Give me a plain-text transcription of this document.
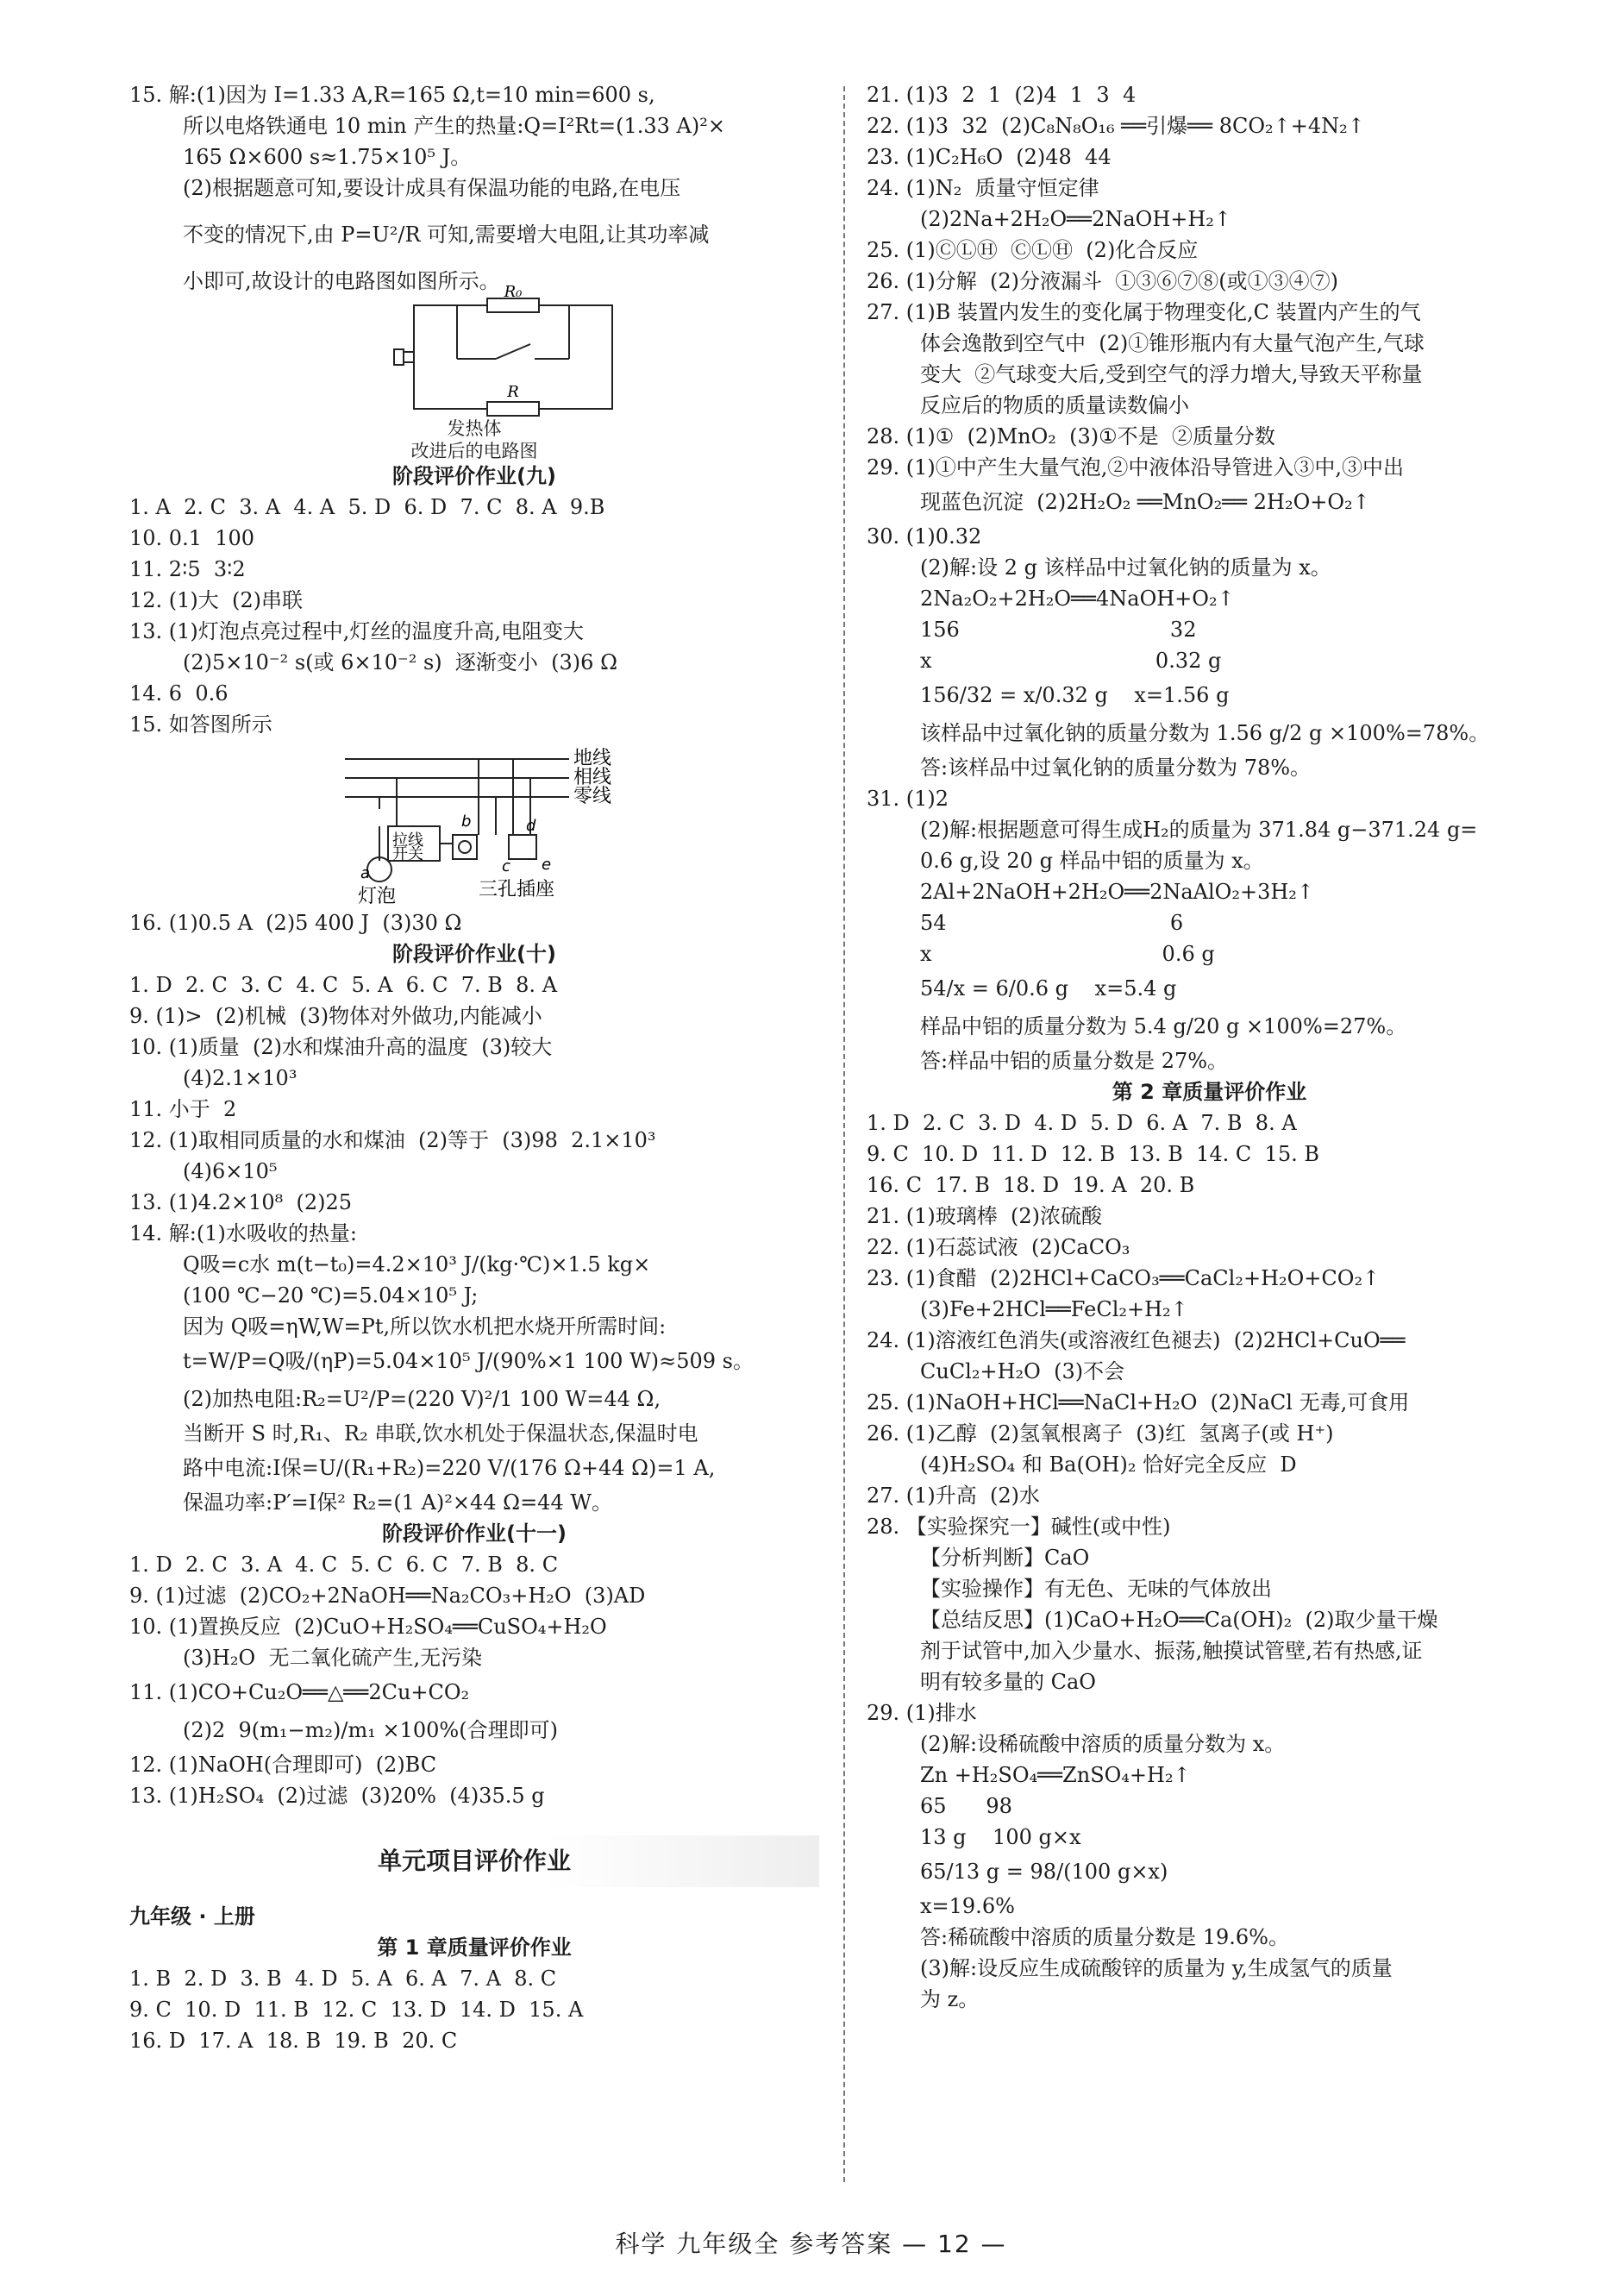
15. 解:(1)因为 I=1.33 A,R=165 Ω,t=10 min=600 s,
所以电烙铁通电 10 min 产生的热量:Q=I²Rt=(1.33 A)²×
165 Ω×600 s≈1.75×10⁵ J。
(2)根据题意可知,要设计成具有保温功能的电路,在电压
不变的情况下,由 P=U²/R 可知,需要增大电阻,让其功率减
小即可,故设计的电路图如图所示。 R₀
R
发热体
改进后的电路图
阶段评价作业(九)
1. A  2. C  3. A  4. A  5. D  6. D  7. C  8. A  9.B
10. 0.1  100
11. 2∶5  3∶2
12. (1)大  (2)串联
13. (1)灯泡点亮过程中,灯丝的温度升高,电阻变大
(2)5×10⁻² s(或 6×10⁻² s)  逐渐变小  (3)6 Ω
14. 6  0.6
15. 如答图所示
地线
相线
零线
a
b
c
d
e
拉线
开关
灯泡	三孔插座
16. (1)0.5 A  (2)5 400 J  (3)30 Ω
阶段评价作业(十)
1. D  2. C  3. C  4. C  5. A  6. C  7. B  8. A
9. (1)>  (2)机械  (3)物体对外做功,内能减小
10. (1)质量  (2)水和煤油升高的温度  (3)较大
(4)2.1×10³
11. 小于  2
12. (1)取相同质量的水和煤油  (2)等于  (3)98  2.1×10³
(4)6×10⁵
13. (1)4.2×10⁸  (2)25
14. 解:(1)水吸收的热量:
Q吸=c水 m(t−t₀)=4.2×10³ J/(kg·℃)×1.5 kg×
(100 ℃−20 ℃)=5.04×10⁵ J;
因为 Q吸=ηW,W=Pt,所以饮水机把水烧开所需时间:
t=W/P=Q吸/(ηP)=5.04×10⁵ J/(90%×1 100 W)≈509 s。
(2)加热电阻:R₂=U²/P=(220 V)²/1 100 W=44 Ω,
当断开 S 时,R₁、R₂ 串联,饮水机处于保温状态,保温时电
路中电流:I保=U/(R₁+R₂)=220 V/(176 Ω+44 Ω)=1 A,
保温功率:P′=I保² R₂=(1 A)²×44 Ω=44 W。
阶段评价作业(十一)
1. D  2. C  3. A  4. C  5. C  6. C  7. B  8. C
9. (1)过滤  (2)CO₂+2NaOH══Na₂CO₃+H₂O  (3)AD
10. (1)置换反应  (2)CuO+H₂SO₄══CuSO₄+H₂O
(3)H₂O  无二氧化硫产生,无污染
11. (1)CO+Cu₂O══△══2Cu+CO₂
(2)2  9(m₁−m₂)/m₁ ×100%(合理即可)
12. (1)NaOH(合理即可)  (2)BC
13. (1)H₂SO₄  (2)过滤  (3)20%  (4)35.5 g
单元项目评价作业
九年级 · 上册
第 1 章质量评价作业
1. B  2. D  3. B  4. D  5. A  6. A  7. A  8. C
9. C  10. D  11. B  12. C  13. D  14. D  15. A
16. D  17. A  18. B  19. B  20. C
21. (1)3  2  1  (2)4  1  3  4
22. (1)3  32  (2)C₈N₈O₁₆ ══引爆══ 8CO₂↑+4N₂↑
23. (1)C₂H₆O  (2)48  44
24. (1)N₂  质量守恒定律
(2)2Na+2H₂O══2NaOH+H₂↑
25. (1)ⒸⓁⒽ  ⒸⓁⒽ  (2)化合反应
26. (1)分解  (2)分液漏斗  ①③⑥⑦⑧(或①③④⑦)
27. (1)B 装置内发生的变化属于物理变化,C 装置内产生的气
体会逸散到空气中  (2)①锥形瓶内有大量气泡产生,气球
变大  ②气球变大后,受到空气的浮力增大,导致天平称量
反应后的物质的质量读数偏小
28. (1)①  (2)MnO₂  (3)①不是  ②质量分数
29. (1)①中产生大量气泡,②中液体沿导管进入③中,③中出
现蓝色沉淀  (2)2H₂O₂ ══MnO₂══ 2H₂O+O₂↑
30. (1)0.32
(2)解:设 2 g 该样品中过氧化钠的质量为 x。
2Na₂O₂+2H₂O══4NaOH+O₂↑
156                                32
x                                  0.32 g
156/32 = x/0.32 g    x=1.56 g
该样品中过氧化钠的质量分数为 1.56 g/2 g ×100%=78%。
答:该样品中过氧化钠的质量分数为 78%。
31. (1)2
(2)解:根据题意可得生成H₂的质量为 371.84 g−371.24 g=
0.6 g,设 20 g 样品中铝的质量为 x。
2Al+2NaOH+2H₂O══2NaAlO₂+3H₂↑
54                                  6
x                                   0.6 g
54/x = 6/0.6 g    x=5.4 g
样品中铝的质量分数为 5.4 g/20 g ×100%=27%。
答:样品中铝的质量分数是 27%。
第 2 章质量评价作业
1. D  2. C  3. D  4. D  5. D  6. A  7. B  8. A
9. C  10. D  11. D  12. B  13. B  14. C  15. B
16. C  17. B  18. D  19. A  20. B
21. (1)玻璃棒  (2)浓硫酸
22. (1)石蕊试液  (2)CaCO₃
23. (1)食醋  (2)2HCl+CaCO₃══CaCl₂+H₂O+CO₂↑
(3)Fe+2HCl══FeCl₂+H₂↑
24. (1)溶液红色消失(或溶液红色褪去)  (2)2HCl+CuO══
CuCl₂+H₂O  (3)不会
25. (1)NaOH+HCl══NaCl+H₂O  (2)NaCl 无毒,可食用
26. (1)乙醇  (2)氢氧根离子  (3)红  氢离子(或 H⁺)
(4)H₂SO₄ 和 Ba(OH)₂ 恰好完全反应  D
27. (1)升高  (2)水
28. 【实验探究一】碱性(或中性)
【分析判断】CaO
【实验操作】有无色、无味的气体放出
【总结反思】(1)CaO+H₂O══Ca(OH)₂  (2)取少量干燥
剂于试管中,加入少量水、振荡,触摸试管壁,若有热感,证
明有较多量的 CaO
29. (1)排水
(2)解:设稀硫酸中溶质的质量分数为 x。
Zn +H₂SO₄══ZnSO₄+H₂↑
65      98
13 g    100 g×x
65/13 g = 98/(100 g×x)
x=19.6%
答:稀硫酸中溶质的质量分数是 19.6%。
(3)解:设反应生成硫酸锌的质量为 y,生成氢气的质量
为 z。
科学 九年级全 参考答案 — 12 —
